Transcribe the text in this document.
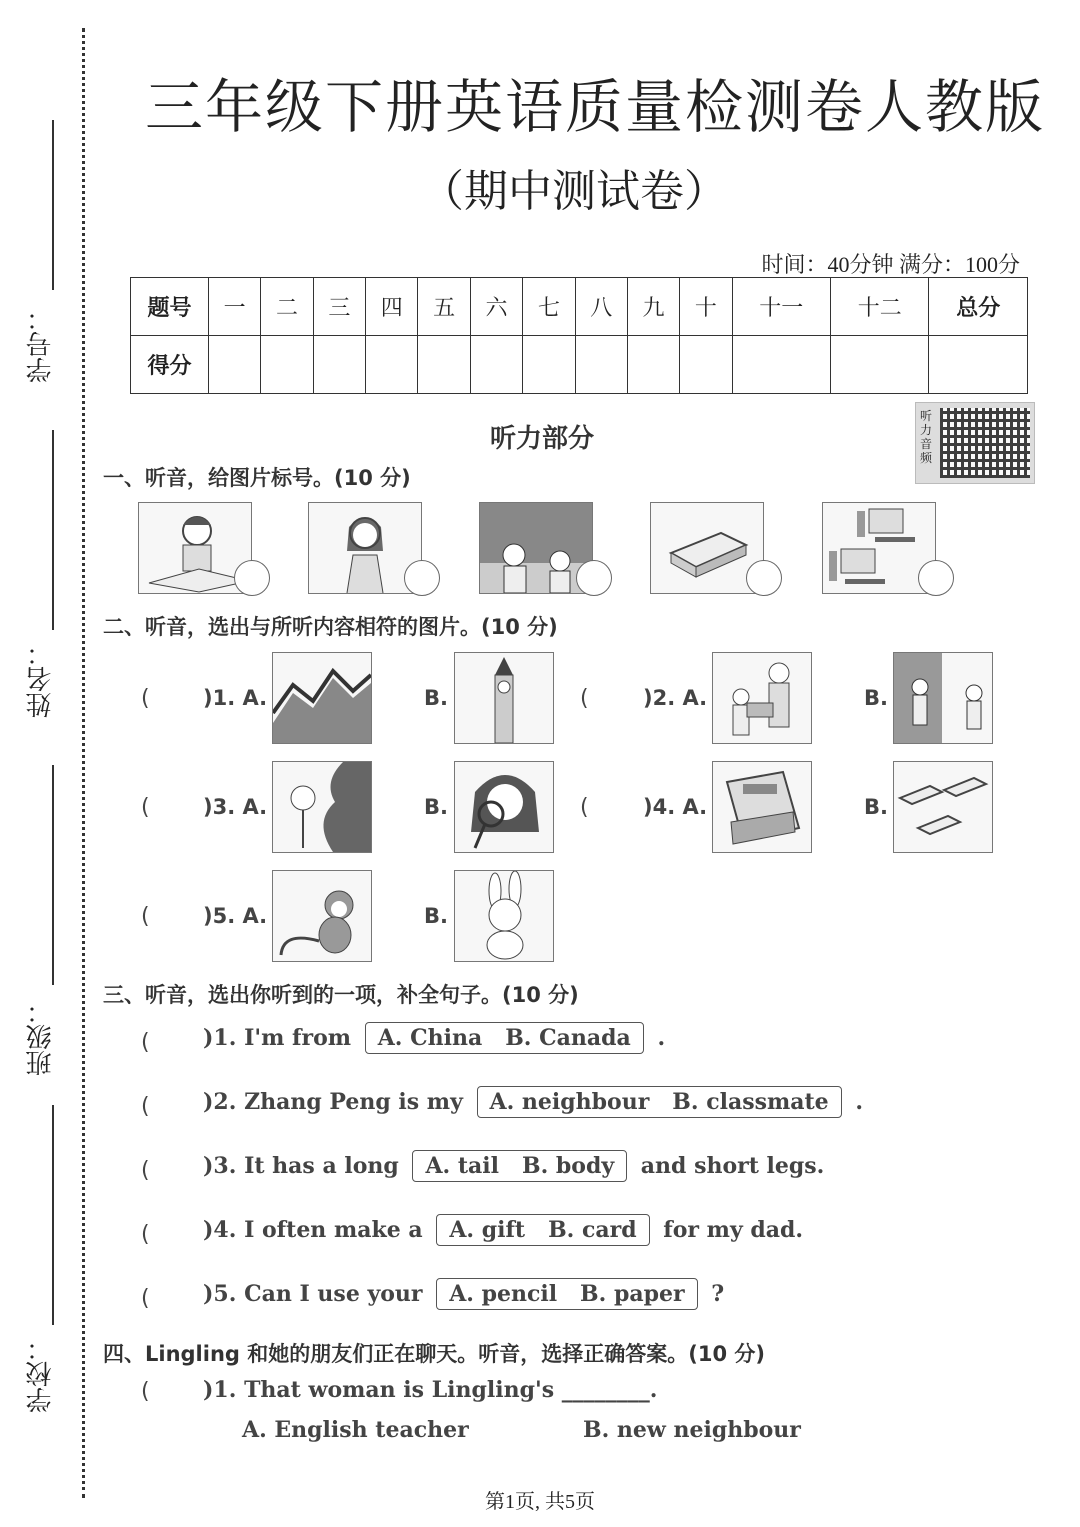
学号：
姓名：
班级：
学校：
三年级下册英语质量检测卷人教版
（期中测试卷）
时间：40分钟 满分：100分
题号	一	二	三	四	五	六	七	八	九	十	十一	十二	总分
得分													
听力部分
听力音频
一、听音，给图片标号。(10 分)
二、听音，选出与所听内容相符的图片。(10 分)
(	)1. A.	B.	(	)2. A.	B.
(	)3. A.	B.	(	)4. A.	B.
(	)5. A.	B.
三、听音，选出你听到的一项，补全句子。(10 分)
( )1. I'm from A. China B. Canada .
( )2. Zhang Peng is my A. neighbour B. classmate .
( )3. It has a long A. tail B. body and short legs.
( )4. I often make a A. gift B. card for my dad.
( )5. Can I use your A. pencil B. paper ?
四、Lingling 和她的朋友们正在聊天。听音，选择正确答案。(10 分)
( )1. That woman is Lingling's ________.
A. English teacher	B. new neighbour
第1页, 共5页
